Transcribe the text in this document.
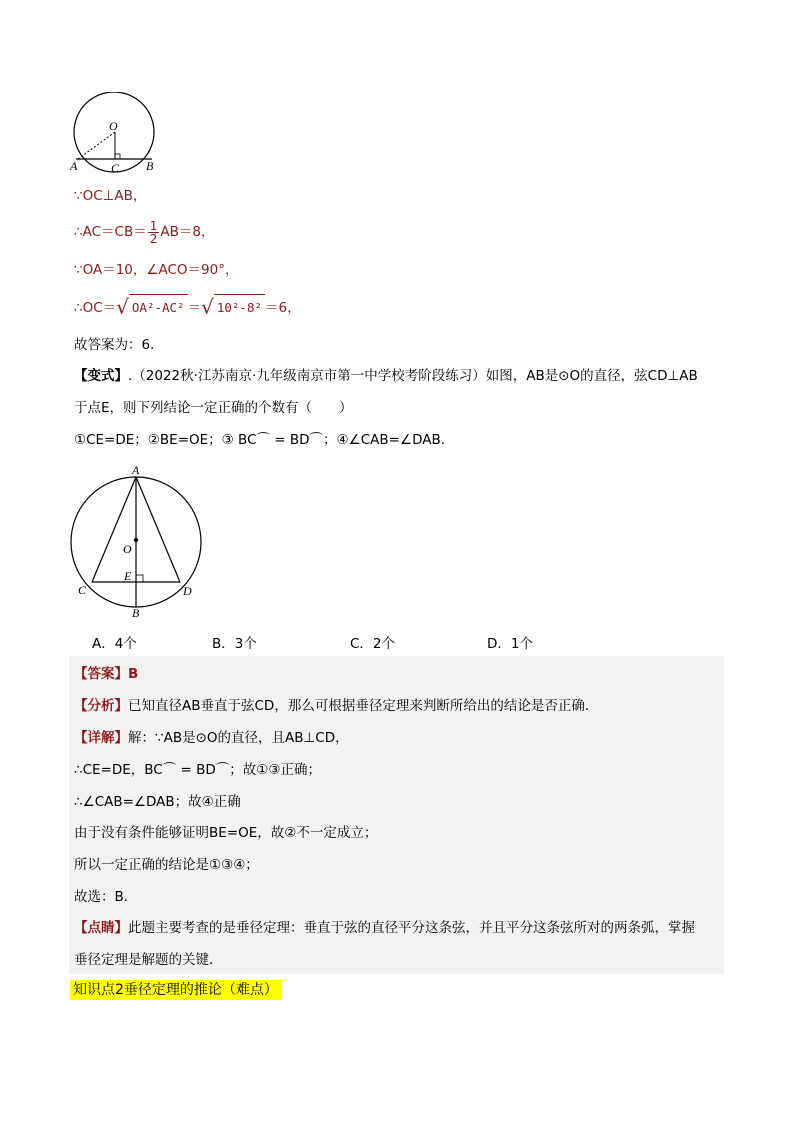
O
A	B
C
∵OC⊥AB，
∴AC＝CB＝ $\frac{1}{2} AB=8$，
∵OA＝10，∠ACO＝90°，
∴OC＝√ OA²-AC² ＝√ 10²-8² ＝6，
故答案为：6．
【变式】.（2022秋·江苏南京·九年级南京市第一中学校考阶段练习）如图，AB是⊙O的直径，弦CD⊥AB
于点E，则下列结论一定正确的个数有（　　）
①CE=DE；②BE=OE；③ BC⌒ = BD⌒；④∠CAB=∠DAB．
A
O
E
C	D
B
A．4个	B．3个	C．2个	D．1个
【答案】B
【分析】已知直径AB垂直于弦CD，那么可根据垂径定理来判断所给出的结论是否正确．
【详解】解：∵AB是⊙O的直径，且AB⊥CD，
∴CE=DE，BC⌒ = BD⌒；故①③正确；
∴∠CAB=∠DAB；故④正确
由于没有条件能够证明BE=OE，故②不一定成立；
所以一定正确的结论是①③④；
故选：B．
【点睛】此题主要考查的是垂径定理：垂直于弦的直径平分这条弦，并且平分这条弦所对的两条弧，掌握
垂径定理是解题的关键．
知识点2垂径定理的推论（难点）
